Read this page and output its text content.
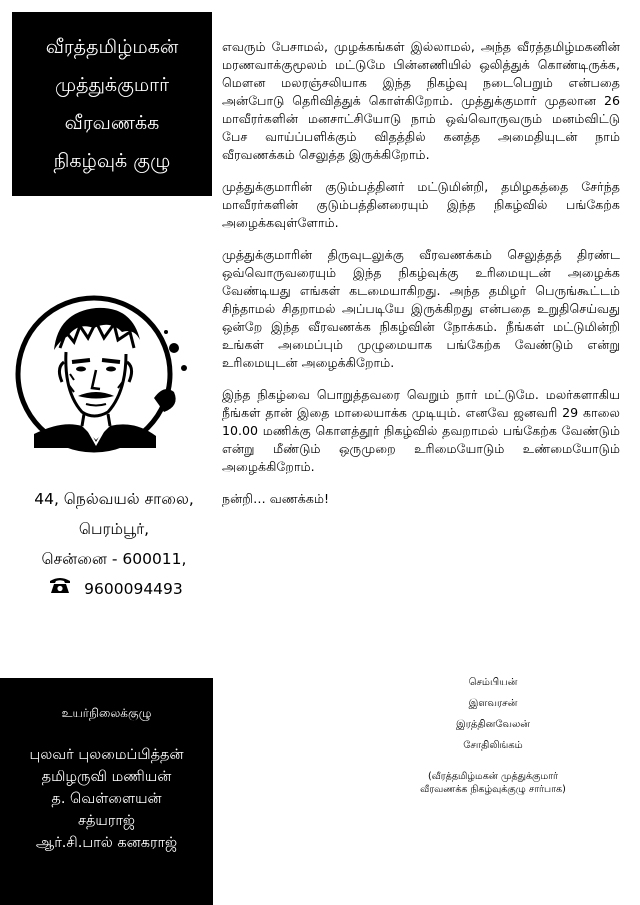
வீரத்தமிழ்மகன்
முத்துக்குமார்
வீரவணக்க
நிகழ்வுக் குழு
44, நெல்வயல் சாலை,
பெரம்பூர்,
சென்னை - 600011,
9600094493

எவரும் பேசாமல், முழக்கங்கள் இல்லாமல், அந்த வீரத்தமிழ்மகனின் மரணவாக்குமூலம் மட்டுமே பின்னணியில் ஒலித்துக் கொண்டிருக்க, மௌன மலரஞ்சலியாக இந்த நிகழ்வு நடைபெறும் என்பதை அன்போடு தெரிவித்துக் கொள்கிறோம். முத்துக்குமார் முதலான 26 மாவீரர்களின் மனசாட்சியோடு நாம் ஒவ்வொருவரும் மனம்விட்டு பேச வாய்ப்பளிக்கும் விதத்தில் கனத்த அமைதியுடன் நாம் வீரவணக்கம் செலுத்த இருக்கிறோம்.

முத்துக்குமாரின் குடும்பத்தினர் மட்டுமின்றி, தமிழகத்தை சேர்ந்த மாவீரர்களின் குடும்பத்தினரையும் இந்த நிகழ்வில் பங்கேற்க அழைக்கவுள்ளோம்.

முத்துக்குமாரின் திருவுடலுக்கு வீரவணக்கம் செலுத்தத் திரண்ட ஒவ்வொருவரையும் இந்த நிகழ்வுக்கு உரிமையுடன் அழைக்க வேண்டியது எங்கள் கடமையாகிறது. அந்த தமிழர் பெருங்கூட்டம் சிந்தாமல் சிதறாமல் அப்படியே இருக்கிறது என்பதை உறுதிசெய்வது ஒன்றே இந்த வீரவணக்க நிகழ்வின் நோக்கம். நீங்கள் மட்டுமின்றி உங்கள் அமைப்பும் முழுமையாக பங்கேற்க வேண்டும் என்று உரிமையுடன் அழைக்கிறோம்.

இந்த நிகழ்வை பொறுத்தவரை வெறும் நார் மட்டுமே. மலர்களாகிய நீங்கள் தான் இதை மாலையாக்க முடியும். எனவே ஜனவரி 29 காலை 10.00 மணிக்கு கொளத்தூர் நிகழ்வில் தவறாமல் பங்கேற்க வேண்டும் என்று மீண்டும் ஒருமுறை உரிமையோடும் உண்மையோடும் அழைக்கிறோம்.

நன்றி… வணக்கம்!

உயர்நிலைக்குழு
புலவர் புலமைப்பித்தன்
தமிழருவி மணியன்
த. வெள்ளையன்
சத்யராஜ்
ஆர்.சி.பால் கனகராஜ்
செம்பியன்
இளவரசன்
இரத்தினவேலன்
சோதிலிங்கம்
(வீரத்தமிழ்மகன் முத்துக்குமார்
வீரவணக்க நிகழ்வுக்குழு சார்பாக)
